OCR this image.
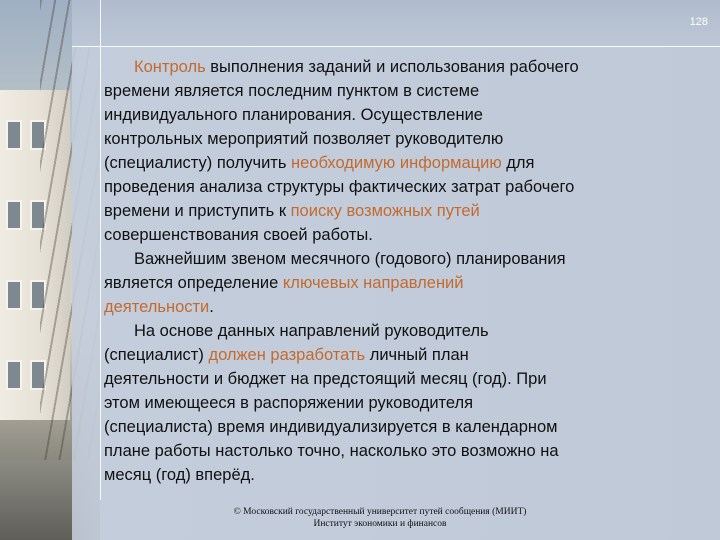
128

Контроль выполнения заданий и использования рабочего

времени является последним пунктом в системе

индивидуального планирования. Осуществление

контрольных мероприятий позволяет руководителю

(специалисту) получить необходимую информацию для

проведения анализа структуры фактических затрат рабочего

времени и приступить к поиску возможных путей

совершенствования своей работы.

Важнейшим звеном месячного (годового) планирования

является определение ключевых направлений

деятельности.

На основе данных направлений руководитель

(специалист) должен разработать личный план

деятельности и бюджет на предстоящий месяц (год). При

этом имеющееся в распоряжении руководителя

(специалиста) время индивидуализируется в календарном

плане работы настолько точно, насколько это возможно на

месяц (год) вперёд.

© Московский государственный университет путей сообщения (МИИТ)
Институт экономики и финансов
